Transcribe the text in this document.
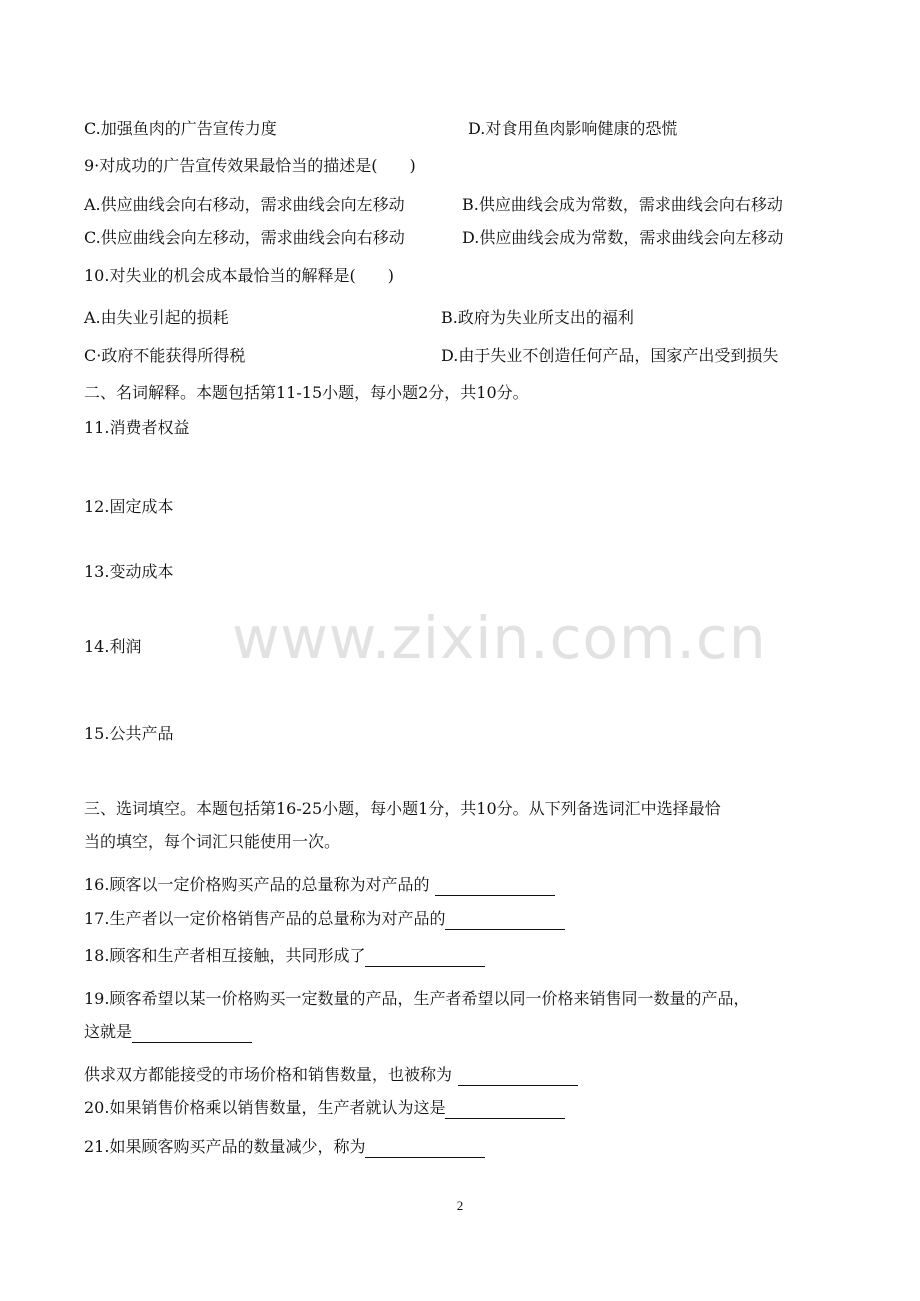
C.加强鱼肉的广告宣传力度	D.对食用鱼肉影响健康的恐慌
9·对成功的广告宣传效果最恰当的描述是(　　)
A.供应曲线会向右移动，需求曲线会向左移动	B.供应曲线会成为常数，需求曲线会向右移动
C.供应曲线会向左移动，需求曲线会向右移动	D.供应曲线会成为常数，需求曲线会向左移动
10.对失业的机会成本最恰当的解释是(　　)
A.由失业引起的损耗	B.政府为失业所支出的福利
C·政府不能获得所得税	D.由于失业不创造任何产品，国家产出受到损失
二、名词解释。本题包括第11-15小题，每小题2分，共10分。
11.消费者权益
12.固定成本
13.变动成本
14.利润
15.公共产品
www.zixin.com.cn
三、选词填空。本题包括第16-25小题，每小题1分，共10分。从下列备选词汇中选择最恰
当的填空，每个词汇只能使用一次。
16.顾客以一定价格购买产品的总量称为对产品的
17.生产者以一定价格销售产品的总量称为对产品的
18.顾客和生产者相互接触，共同形成了
19.顾客希望以某一价格购买一定数量的产品，生产者希望以同一价格来销售同一数量的产品，
这就是
供求双方都能接受的市场价格和销售数量，也被称为
20.如果销售价格乘以销售数量，生产者就认为这是
21.如果顾客购买产品的数量减少，称为
2
